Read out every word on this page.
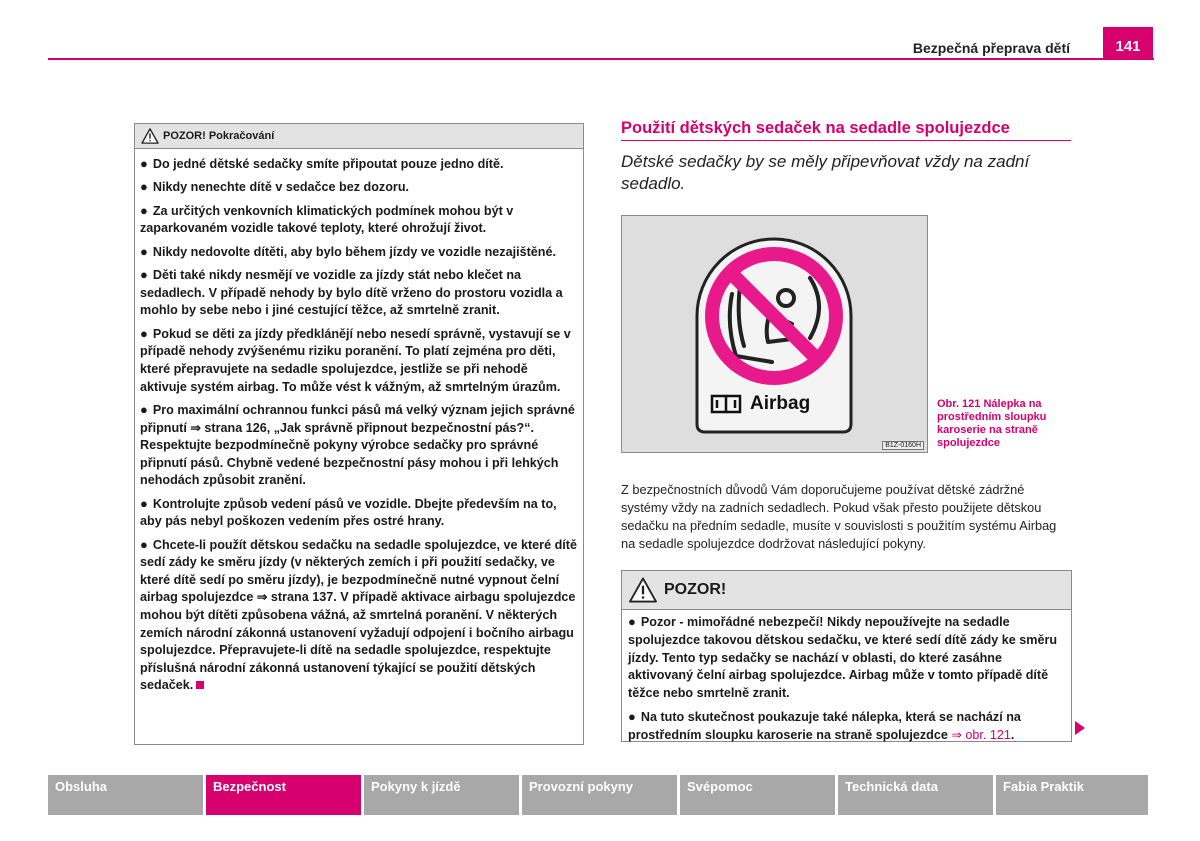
Bezpečná přeprava dětí	141
POZOR! Pokračování

● Do jedné dětské sedačky smíte připoutat pouze jedno dítě.

● Nikdy nenechte dítě v sedačce bez dozoru.

● Za určitých venkovních klimatických podmínek mohou být v zaparkovaném vozidle takové teploty, které ohrožují život.

● Nikdy nedovolte dítěti, aby bylo během jízdy ve vozidle nezajištěné.

● Děti také nikdy nesmějí ve vozidle za jízdy stát nebo klečet na sedadlech. V případě nehody by bylo dítě vrženo do prostoru vozidla a mohlo by sebe nebo i jiné cestující těžce, až smrtelně zranit.

● Pokud se děti za jízdy předklánějí nebo nesedí správně, vystavují se v případě nehody zvýšenému riziku poranění. To platí zejména pro děti, které přepravujete na sedadle spolujezdce, jestliže se při nehodě aktivuje systém airbag. To může vést k vážným, až smrtelným úrazům.

● Pro maximální ochrannou funkci pásů má velký význam jejich správné připnutí ⇒ strana 126, „Jak správně připnout bezpečnostní pás?“. Respektujte bezpodmínečně pokyny výrobce sedačky pro správné připnutí pásů. Chybně vedené bezpečnostní pásy mohou i při lehkých nehodách způsobit zranění.

● Kontrolujte způsob vedení pásů ve vozidle. Dbejte především na to, aby pás nebyl poškozen vedením přes ostré hrany.

● Chcete-li použít dětskou sedačku na sedadle spolujezdce, ve které dítě sedí zády ke směru jízdy (v některých zemích i při použití sedačky, ve které dítě sedí po směru jízdy), je bezpodmínečně nutné vypnout čelní airbag spolujezdce ⇒ strana 137. V případě aktivace airbagu spolujezdce mohou být dítěti způsobena vážná, až smrtelná poranění. V některých zemích národní zákonná ustanovení vyžadují odpojení i bočního airbagu spolujezdce. Přepravujete-li dítě na sedadle spolujezdce, respektujte příslušná národní zákonná ustanovení týkající se použití dětských sedaček.

Použití dětských sedaček na sedadle spolujezdce
Dětské sedačky by se měly připevňovat vždy na zadní sedadlo.
Airbag
B1Z-0160H
Obr. 121 Nálepka na prostředním sloupku karoserie na straně spolujezdce
Z bezpečnostních důvodů Vám doporučujeme používat dětské zádržné systémy vždy na zadních sedadlech. Pokud však přesto použijete dětskou sedačku na předním sedadle, musíte v souvislosti s použitím systému Airbag na sedadle spolujezdce dodržovat následující pokyny.
POZOR!

● Pozor - mimořádné nebezpečí! Nikdy nepoužívejte na sedadle spolujezdce takovou dětskou sedačku, ve které sedí dítě zády ke směru jízdy. Tento typ sedačky se nachází v oblasti, do které zasáhne aktivovaný čelní airbag spolujezdce. Airbag může v tomto případě dítě těžce nebo smrtelně zranit.

● Na tuto skutečnost poukazuje také nálepka, která se nachází na prostředním sloupku karoserie na straně spolujezdce ⇒ obr. 121.

Obsluha	Bezpečnost	Pokyny k jízdě	Provozní pokyny	Svépomoc	Technická data	Fabia Praktik
